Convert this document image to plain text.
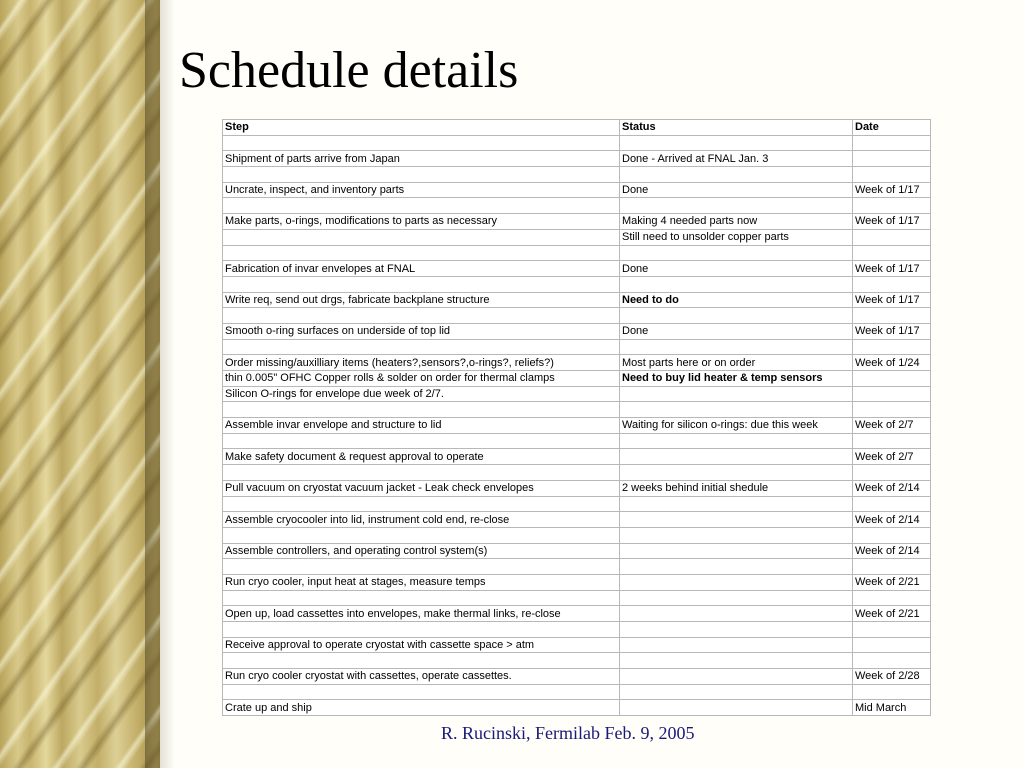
Schedule details
Step	Status	Date

Shipment of parts arrive from Japan	Done - Arrived at FNAL Jan. 3	

Uncrate, inspect, and inventory parts	Done	Week of 1/17

Make parts, o-rings, modifications to parts as necessary	Making 4 needed parts now	Week of 1/17
	Still need to unsolder copper parts	

Fabrication of invar envelopes at FNAL	Done	Week of 1/17

Write req, send out drgs, fabricate backplane structure	Need to do	Week of 1/17

Smooth o-ring surfaces on underside of top lid	Done	Week of 1/17

Order missing/auxilliary items (heaters?,sensors?,o-rings?, reliefs?)	Most parts here or on order	Week of 1/24
thin 0.005" OFHC Copper rolls & solder on order for thermal clamps	Need to buy lid heater & temp sensors	
Silicon O-rings for envelope due week of 2/7.		

Assemble invar envelope and structure to lid	Waiting for silicon o-rings: due this week	Week of 2/7

Make safety document & request approval to operate		Week of 2/7

Pull vacuum on cryostat vacuum jacket - Leak check envelopes	2 weeks behind initial shedule	Week of 2/14

Assemble cryocooler into lid, instrument cold end, re-close		Week of 2/14

Assemble controllers, and operating control system(s)		Week of 2/14

Run cryo cooler, input heat at stages, measure temps		Week of 2/21

Open up, load cassettes into envelopes, make thermal links, re-close		Week of 2/21

Receive approval to operate cryostat with cassette space > atm		

Run cryo cooler cryostat with cassettes, operate cassettes.		Week of 2/28

Crate up and ship		Mid March

R. Rucinski, Fermilab Feb. 9, 2005
